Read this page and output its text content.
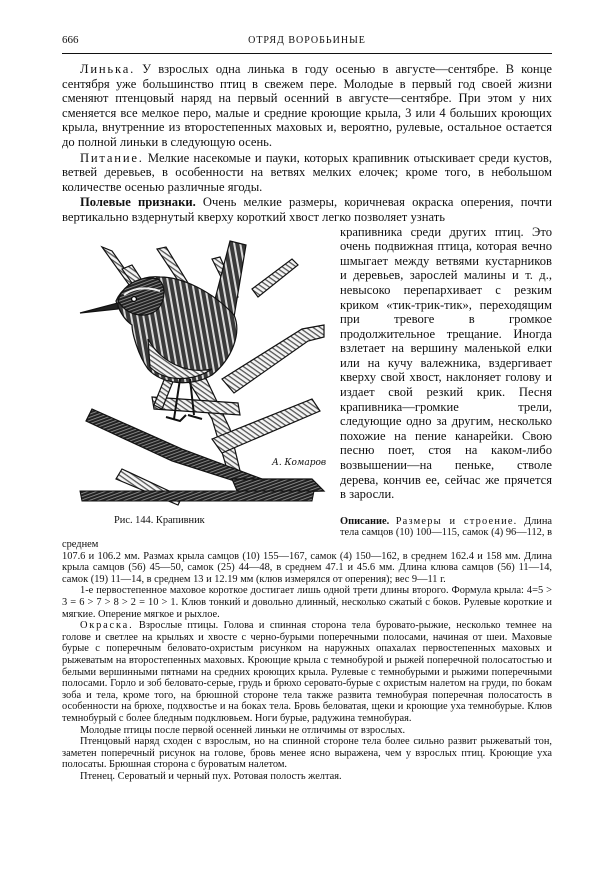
666	ОТРЯД ВОРОБЬИНЫЕ

Линька. У взрослых одна линька в году осенью в августе—сентябре. В конце сентября уже большинство птиц в свежем пере. Молодые в первый год своей жизни сменяют птенцовый наряд на первый осенний в августе—сентябре. При этом у них сменяется все мелкое перо, малые и средние кроющие крыла, 3 или 4 больших кроющих крыла, внутренние из второстепенных маховых и, вероятно, рулевые, остальное остается до полной линьки в следующую осень.

Питание. Мелкие насекомые и пауки, которых крапивник отыскивает среди кустов, ветвей деревьев, в особенности на ветвях мелких елочек; кроме того, в небольшом количестве осенью различные ягоды.

Полевые признаки. Очень мелкие размеры, коричневая окраска оперения, почти вертикально вздернутый кверху короткий хвост легко позволяет узнать

А. Комаров
Рис. 144. Крапивник

крапивника среди других птиц. Это очень подвижная птица, которая вечно шмыгает между ветвями кустарников и деревьев, зарослей малины и т. д., невысоко перепархивает с резким криком «тик-трик-тик», переходящим при тревоге в громкое продолжительное трещание. Иногда взлетает на вершину маленькой елки или на кучу валежника, вздергивает кверху свой хвост, наклоняет голову и издает свой резкий крик. Песня крапивника—громкие трели, следующие одно за другим, несколько похожие на пение канарейки. Свою песню поет, стоя на каком-либо возвышении—на пеньке, стволе дерева, кончив ее, сейчас же прячется в заросли.

Описание. Размеры и строение. Длина тела самцов (10) 100—115, самок (4) 96—112, в среднем

107.6 и 106.2 мм. Размах крыла самцов (10) 155—167, самок (4) 150—162, в среднем 162.4 и 158 мм. Длина крыла самцов (56) 45—50, самок (25) 44—48, в среднем 47.1 и 45.6 мм. Длина клюва самцов (56) 11—14, самок (19) 11—14, в среднем 13 и 12.19 мм (клюв измерялся от оперения); вес 9—11 г.

1-е первостепенное маховое короткое достигает лишь одной трети длины второго. Формула крыла: 4=5 > 3 = 6 > 7 > 8 > 2 = 10 > 1. Клюв тонкий и довольно длинный, несколько сжатый с боков. Рулевые короткие и мягкие. Оперение мягкое и рыхлое.

Окраска. Взрослые птицы. Голова и спинная сторона тела буровато-рыжие, несколько темнее на голове и светлее на крыльях и хвосте с черно-бурыми поперечными полосами, начиная от шеи. Маховые бурые с поперечным беловато-охристым рисунком на наружных опахалах первостепенных маховых и рыжеватым на второстепенных маховых. Кроющие крыла с темнобурой и рыжей поперечной полосатостью и белыми вершинными пятнами на средних кроющих крыла. Рулевые с темнобурыми и рыжими поперечными полосами. Горло и зоб беловато-серые, грудь и брюхо серовато-бурые с охристым налетом на груди, по бокам зоба и тела, кроме того, на брюшной стороне тела также развита темнобурая поперечная полосатость в особенности на брюхе, подхвостье и на боках тела. Бровь беловатая, щеки и кроющие уха темнобурые. Клюв темнобурый с более бледным подклювьем. Ноги бурые, радужина темнобурая.

Молодые птицы после первой осенней линьки не отличимы от взрослых.

Птенцовый наряд сходен с взрослым, но на спинной стороне тела более сильно развит рыжеватый тон, заметен поперечный рисунок на голове, бровь менее ясно выражена, чем у взрослых птиц. Кроющие уха полосаты. Брюшная сторона с буроватым налетом.

Птенец. Сероватый и черный пух. Ротовая полость желтая.
